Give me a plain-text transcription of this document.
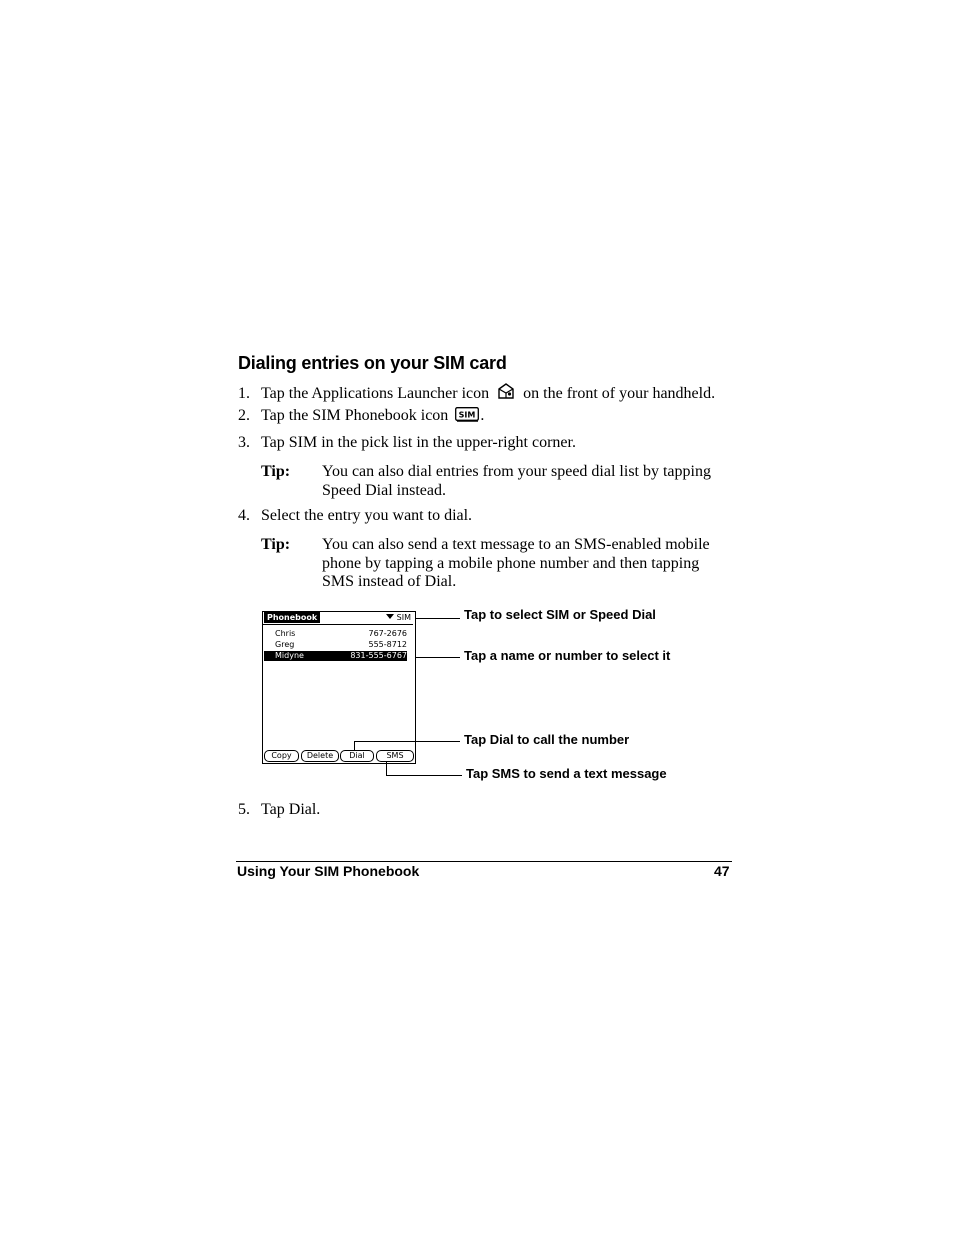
Dialing entries on your SIM card
1. Tap the Applications Launcher icon on the front of your handheld.
2. Tap the SIM Phonebook icon SIM .
3. Tap SIM in the pick list in the upper-right corner.
Tip: You can also dial entries from your speed dial list by tapping Speed Dial instead.
4. Select the entry you want to dial.
Tip: You can also send a text message to an SMS-enabled mobile phone by tapping a mobile phone number and then tapping SMS instead of Dial.
Phonebook	SIM
Chris	767-2676
Greg	555-8712
Midyne	831-555-6767
Copy	Delete	Dial	SMS
Tap to select SIM or Speed Dial
Tap a name or number to select it
Tap Dial to call the number
Tap SMS to send a text message
5. Tap Dial.
Using Your SIM Phonebook	47
